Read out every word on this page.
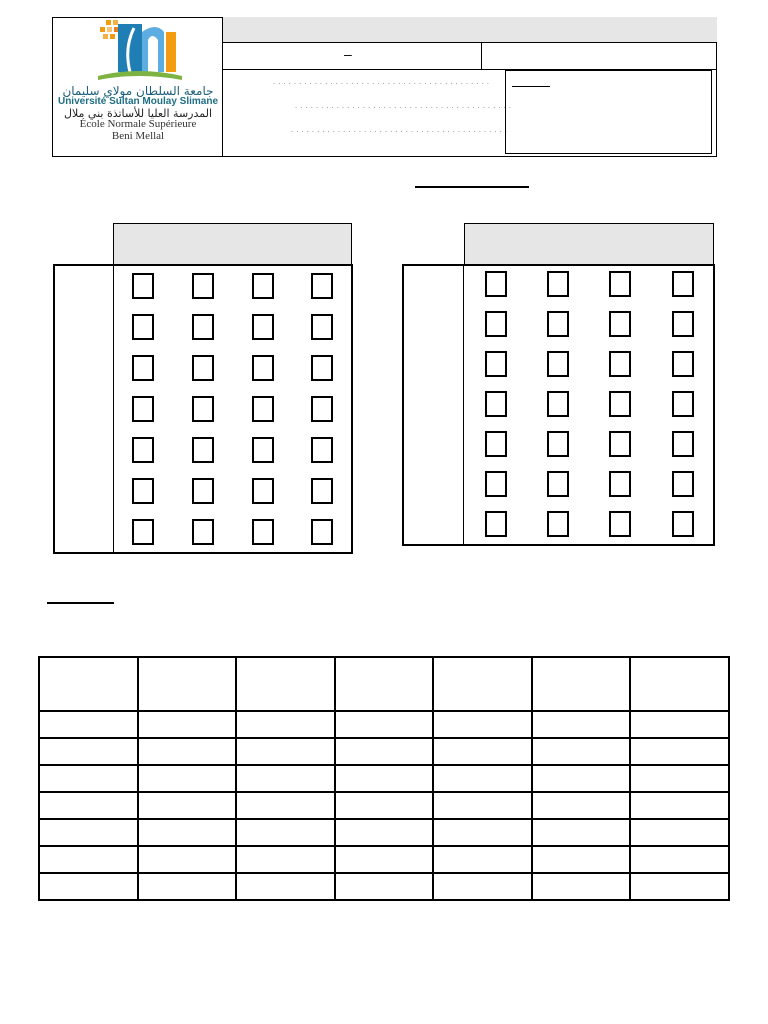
–
..........................................
..........................................
..........................................
جامعة السلطان مولاي سليمان
Université Sultan Moulay Slimane
المدرسة العليا للأساتذة بني ملال
École Normale Supérieure
Beni Mellal
